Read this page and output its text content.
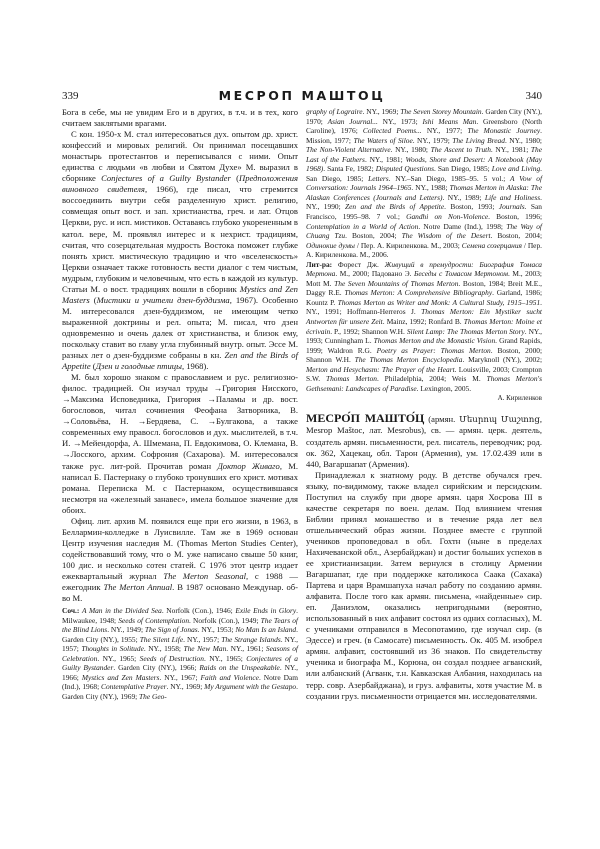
339	МЕСРОП МАШТОЦ	340

Бога в себе, мы не увидим Его и в других, в т.ч. и в тех, кого считаем заклятыми врагами.

С кон. 1950-х М. стал интересоваться дух. опытом др. христ. конфессий и мировых религий. Он принимал посещавших монастырь протестантов и переписывался с ними. Опыт единства с людьми «в любви и Святом Духе» М. выразил в сборнике Conjectures of a Guilty Bystander (Предположения виновного свидетеля, 1966), где писал, что стремится воссоединить внутри себя разделенную христ. религию, совмещая опыт вост. и зап. христианства, греч. и лат. Отцов Церкви, рус. и исп. мистиков. Оставаясь глубоко укорененным в катол. вере, М. проявлял интерес и к нехрист. традициям, считая, что созерцательная мудрость Востока поможет глубже понять христ. мистическую традицию и что «вселенскость» Церкви означает также готовность вести диалог с тем чистым, мудрым, глубоким и человечным, что есть в каждой из культур. Статьи М. о вост. традициях вошли в сборник Mystics and Zen Masters (Мистики и учители дзен-буддизма, 1967). Особенно М. интересовался дзен-буддизмом, не имеющим четко выраженной доктрины и рел. опыта; М. писал, что дзен одновременно и очень далек от христианства, и близок ему, поскольку ставит во главу угла глубинный внутр. опыт. Эссе М. разных лет о дзен-буддизме собраны в кн. Zen and the Birds of Appetite (Дзен и голодные птицы, 1968).

М. был хорошо знаком с православием и рус. религиозно-филос. традицией. Он изучал труды →Григория Нисского, →Максима Исповедника, Григория →Паламы и др. вост. богословов, читал сочинения Феофана Затворника, В. →Соловьёва, Н. →Бердяева, С. →Булгакова, а также современных ему правосл. богословов и дух. мыслителей, в т.ч. И. →Мейендорфа, А. Шмемана, П. Евдокимова, О. Клемана, В. →Лосского, архим. Софрония (Сахарова). М. интересовался также рус. лит-рой. Прочитав роман Доктор Живаго, М. написал Б. Пастернаку о глубоко тронувших его христ. мотивах романа. Переписка М. с Пастернаком, осуществившаяся несмотря на «железный занавес», имела большое значение для обоих.

Офиц. лит. архив М. появился еще при его жизни, в 1963, в Беллармин-колледже в Луисвилле. Там же в 1969 основан Центр изучения наследия М. (Thomas Merton Studies Center), содействовавший тому, что о М. уже написано свыше 50 книг, 100 дис. и несколько сотен статей. С 1976 этот центр издает ежеквартальный журнал The Merton Seasonal, с 1988 — ежегодник The Merton Annual. В 1987 основано Междунар. об-во М.

Соч.: A Man in the Divided Sea. Norfolk (Con.), 1946; Exile Ends in Glory. Milwaukee, 1948; Seeds of Contemplation. Norfolk (Con.), 1949; The Tears of the Blind Lions. NY., 1949; The Sign of Jonas. NY., 1953; No Man Is an Island. Garden City (NY.), 1955; The Silent Life. NY., 1957; The Strange Islands. NY., 1957; Thoughts in Solitude. NY., 1958; The New Man. NY., 1961; Seasons of Celebration. NY., 1965; Seeds of Destruction. NY., 1965; Conjectures of a Guilty Bystander. Garden City (NY.), 1966; Raids on the Unspeakable. NY., 1966; Mystics and Zen Masters. NY., 1967; Faith and Violence. Notre Dam (Ind.), 1968; Contemplative Prayer. NY., 1969; My Argument with the Gestapo. Garden City (NY.), 1969; The Geo-

graphy of Lograire. NY., 1969; The Seven Storey Mountain. Garden City (NY.), 1970; Asian Journal... NY., 1973; Ishi Means Man. Greensboro (North Caroline), 1976; Collected Poems... NY., 1977; The Monastic Journey. Mission, 1977; The Waters of Siloe. NY., 1979; The Living Bread. NY., 1980; The Non-Violent Alternative. NY., 1980; The Ascent to Truth. NY., 1981; The Last of the Fathers. NY., 1981; Woods, Shore and Desert: A Notebook (May 1968). Santa Fe, 1982; Disputed Questions. San Diego, 1985; Love and Living. San Diego, 1985; Letters. NY.–San Diego, 1985–95. 5 vol.; A Vow of Conversation: Journals 1964–1965. NY., 1988; Thomas Merton in Alaska: The Alaskan Conferences (Journals and Letters). NY., 1989; Life and Holiness. NY., 1990; Zen and the Birds of Appetite. Boston, 1993; Journals. San Francisco, 1995–98. 7 vol.; Gandhi on Non-Violence. Boston, 1996; Contemplation in a World of Action. Notre Dame (Ind.), 1998; The Way of Chuang Tzu. Boston, 2004; The Wisdom of the Desert. Boston, 2004; Одинокие думы / Пер. А. Кириленкова. М., 2003; Семена созерцания / Пер. А. Кириленкова. М., 2006.

Лит-ра: Форест Дж. Живущий в премудрости: Биография Томаса Мертона. М., 2000; Падованo Э. Беседы с Томасом Мертоном. М., 2003; Mott M. The Seven Mountains of Thomas Merton. Boston, 1984; Breit M.E., Daggy R.E. Thomas Merton: A Comprehensive Bibliography. Garland, 1986; Kountz P. Thomas Merton as Writer and Monk: A Cultural Study, 1915–1951. NY., 1991; Hoffmann-Herreros J. Thomas Merton: Ein Mystiker sucht Antworten für unsere Zeit. Mainz, 1992; Ronfard B. Thomas Merton: Moine et écrivain. P., 1992; Shannon W.H. Silent Lamp: The Thomas Merton Story. NY., 1993; Cunningham L. Thomas Merton and the Monastic Vision. Grand Rapids, 1999; Waldron R.G. Poetry as Prayer: Thomas Merton. Boston, 2000; Shannon W.H. The Thomas Merton Encyclopedia. Maryknoll (NY.), 2002; Merton and Hesychasm: The Prayer of the Heart. Louisville, 2003; Crompton S.W. Thomas Merton. Philadelphia, 2004; Weis M. Thomas Merton's Gethsemani: Landscapes of Paradise. Lexington, 2005.

А. Кириленков

МЕСРО́П МАШТО́Ц (армян. Մեսրոպ Մաշտոց, Mesrop Maštoc, лат. Mesrobus), св. — армян. церк. деятель, создатель армян. письменности, рел. писатель, переводчик; род. ок. 362, Хацекац, обл. Тарон (Армения), ум. 17.02.439 или в 440, Вагаршапат (Армения).

Принадлежал к знатному роду. В детстве обучался греч. языку, по-видимому, также владел сирийским и персидским. Поступил на службу при дворе армян. царя Хосрова III в качестве секретаря по воен. делам. Под влиянием чтения Библии принял монашество и в течение ряда лет вел отшельнический образ жизни. Позднее вместе с группой учеников проповедовал в обл. Гохтн (ныне в пределах Нахичеванской обл., Азербайджан) и достиг больших успехов в ее христианизации. Затем вернулся в столицу Армении Вагаршапат, где при поддержке католикоса Саака (Сахака) Партева и царя Врамшапуха начал работу по созданию армян. алфавита. После того как армян. письмена, «найденные» сир. еп. Даниэлом, оказались непригодными (вероятно, использованный в них алфавит состоял из одних согласных), М. с учениками отправился в Месопотамию, где изучал сир. (в Эдессе) и греч. (в Самосате) письменность. Ок. 405 М. изобрел армян. алфавит, состоявший из 36 знаков. По свидетельству ученика и биографа М., Корюна, он создал позднее агванский, или албанский (Агванк, т.н. Кавказская Албания, находилась на терр. совр. Азербайджана), и груз. алфавиты, хотя участие М. в создании груз. письменности отрицается мн. исследователями.
